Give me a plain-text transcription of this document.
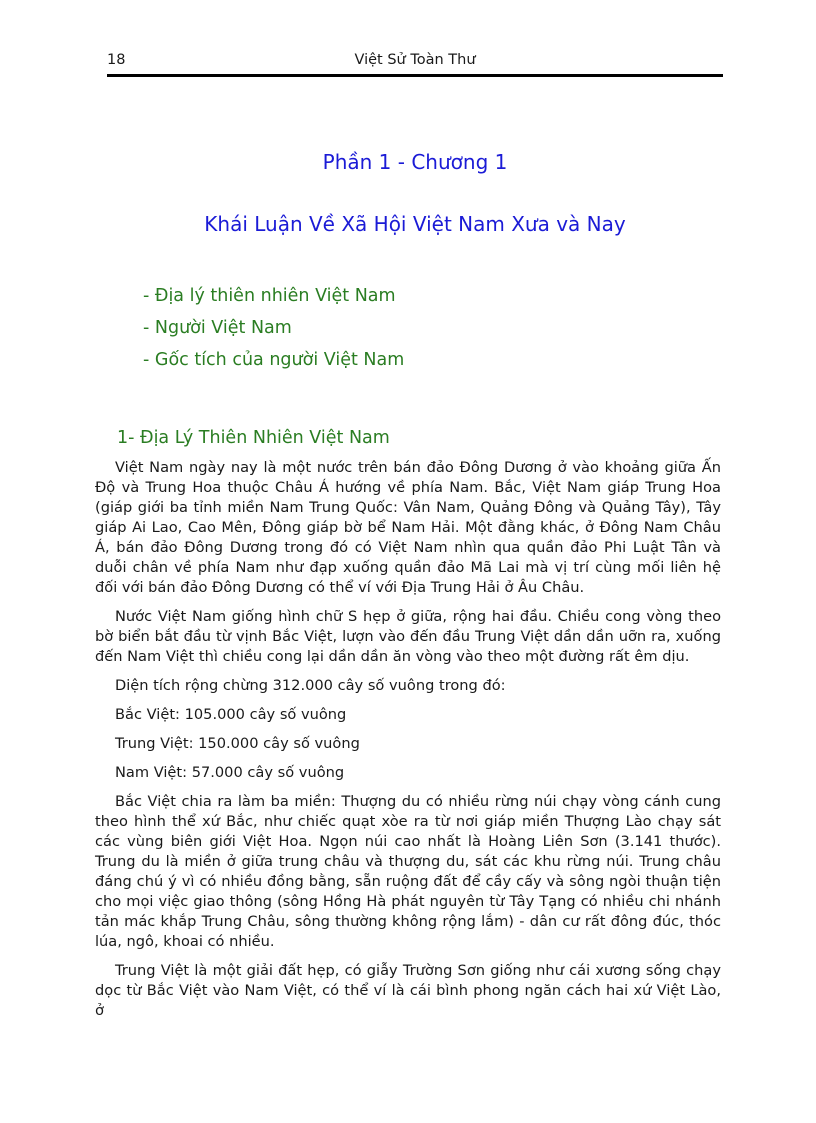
18	Việt Sử Toàn Thư
Phần 1 - Chương 1
Khái Luận Về Xã Hội Việt Nam Xưa và Nay
- Địa lý thiên nhiên Việt Nam
- Người Việt Nam
- Gốc tích của người Việt Nam
1- Địa Lý Thiên Nhiên Việt Nam

Việt Nam ngày nay là một nước trên bán đảo Đông Dương ở vào khoảng giữa Ấn Độ và Trung Hoa thuộc Châu Á hướng về phía Nam. Bắc, Việt Nam giáp Trung Hoa (giáp giới ba tỉnh miền Nam Trung Quốc: Vân Nam, Quảng Đông và Quảng Tây), Tây giáp Ai Lao, Cao Mên, Đông giáp bờ bể Nam Hải. Một đằng khác, ở Đông Nam Châu Á, bán đảo Đông Dương trong đó có Việt Nam nhìn qua quần đảo Phi Luật Tân và duỗi chân về phía Nam như đạp xuống quần đảo Mã Lai mà vị trí cùng mối liên hệ đối với bán đảo Đông Dương có thể ví với Địa Trung Hải ở Âu Châu.

Nước Việt Nam giống hình chữ S hẹp ở giữa, rộng hai đầu. Chiều cong vòng theo bờ biển bắt đầu từ vịnh Bắc Việt, lượn vào đến đầu Trung Việt dần dần uỡn ra, xuống đến Nam Việt thì chiều cong lại dần dần ăn vòng vào theo một đường rất êm dịu.

Diện tích rộng chừng 312.000 cây số vuông trong đó:

Bắc Việt: 105.000 cây số vuông

Trung Việt: 150.000 cây số vuông

Nam Việt: 57.000 cây số vuông

Bắc Việt chia ra làm ba miền: Thượng du có nhiều rừng núi chạy vòng cánh cung theo hình thể xứ Bắc, như chiếc quạt xòe ra từ nơi giáp miền Thượng Lào chạy sát các vùng biên giới Việt Hoa. Ngọn núi cao nhất là Hoàng Liên Sơn (3.141 thước). Trung du là miền ở giữa trung châu và thượng du, sát các khu rừng núi. Trung châu đáng chú ý vì có nhiều đồng bằng, sẵn ruộng đất để cầy cấy và sông ngòi thuận tiện cho mọi việc giao thông (sông Hồng Hà phát nguyên từ Tây Tạng có nhiều chi nhánh tản mác khắp Trung Châu, sông thường không rộng lắm) - dân cư rất đông đúc, thóc lúa, ngô, khoai có nhiều.

Trung Việt là một giải đất hẹp, có giẫy Trường Sơn giống như cái xương sống chạy dọc từ Bắc Việt vào Nam Việt, có thể ví là cái bình phong ngăn cách hai xứ Việt Lào, ở
